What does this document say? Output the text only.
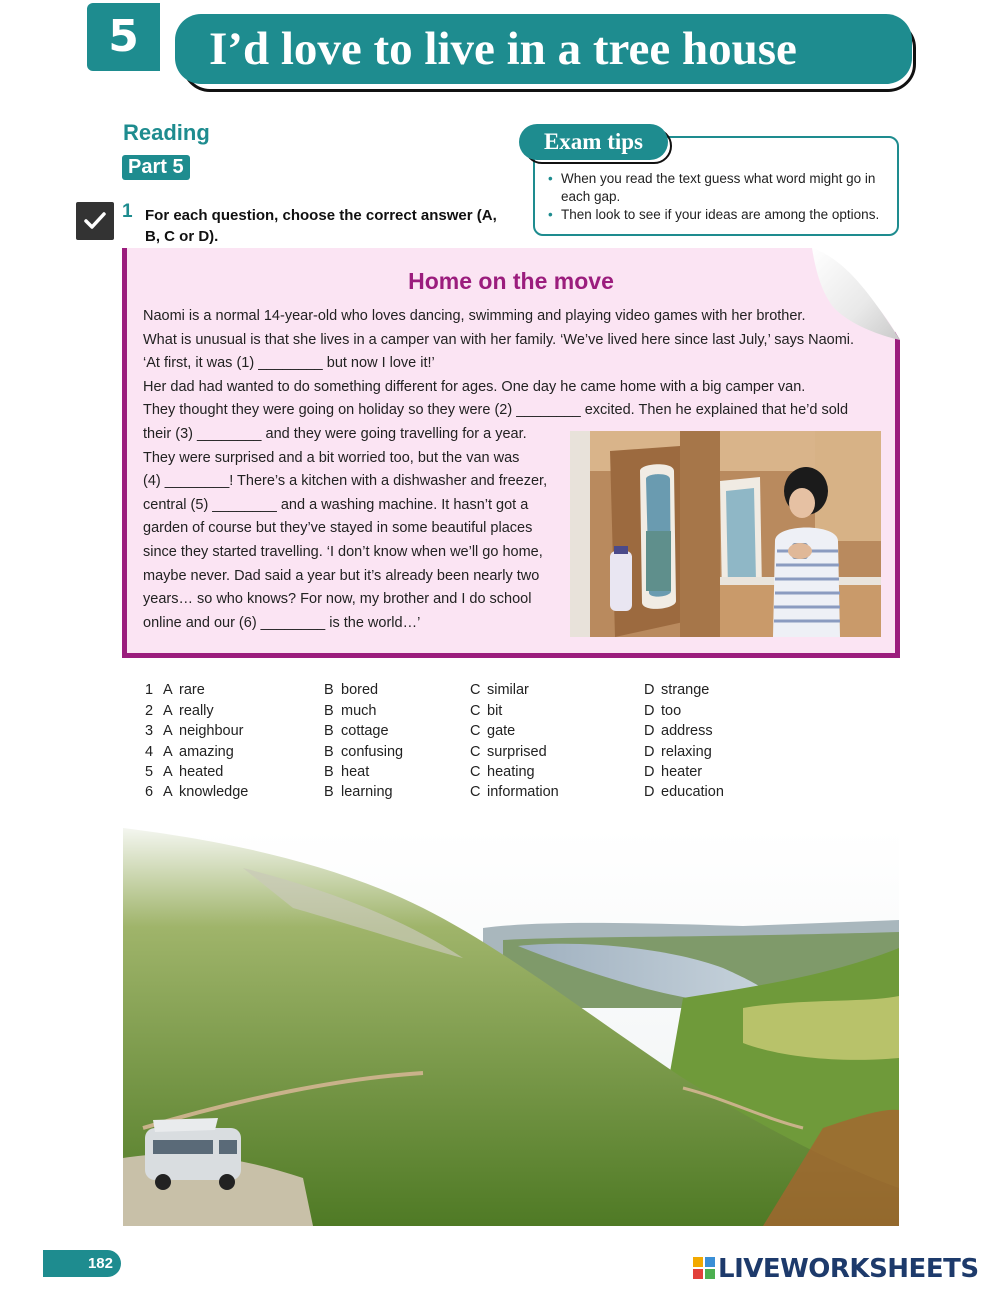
5	I’d love to live in a tree house
Reading
Part 5
Exam tips
• When you read the text guess what word might go in each gap.
• Then look to see if your ideas are among the options.
1 For each question, choose the correct answer (A, B, C or D).
Home on the move

Naomi is a normal 14-year-old who loves dancing, swimming and playing video games with her brother.

What is unusual is that she lives in a camper van with her family. ‘We’ve lived here since last July,’ says Naomi.

‘At first, it was (1) ________ but now I love it!’

Her dad had wanted to do something different for ages. One day he came home with a big camper van.

They thought they were going on holiday so they were (2) ________ excited. Then he explained that he’d sold

their (3) ________ and they were going travelling for a year.

They were surprised and a bit worried too, but the van was

(4) ________! There’s a kitchen with a dishwasher and freezer,

central (5) ________ and a washing machine. It hasn’t got a

garden of course but they’ve stayed in some beautiful places

since they started travelling. ‘I don’t know when we’ll go home,

maybe never. Dad said a year but it’s already been nearly two

years… so who knows? For now, my brother and I do school

online and our (6) ________ is the world…’

1 A rare	B bored	C similar	D strange
2 A really	B much	C bit	D too
3 A neighbour	B cottage	C gate	D address
4 A amazing	B confusing	C surprised	D relaxing
5 A heated	B heat	C heating	D heater
6 A knowledge	B learning	C information	D education
182	LIVEWORKSHEETS
